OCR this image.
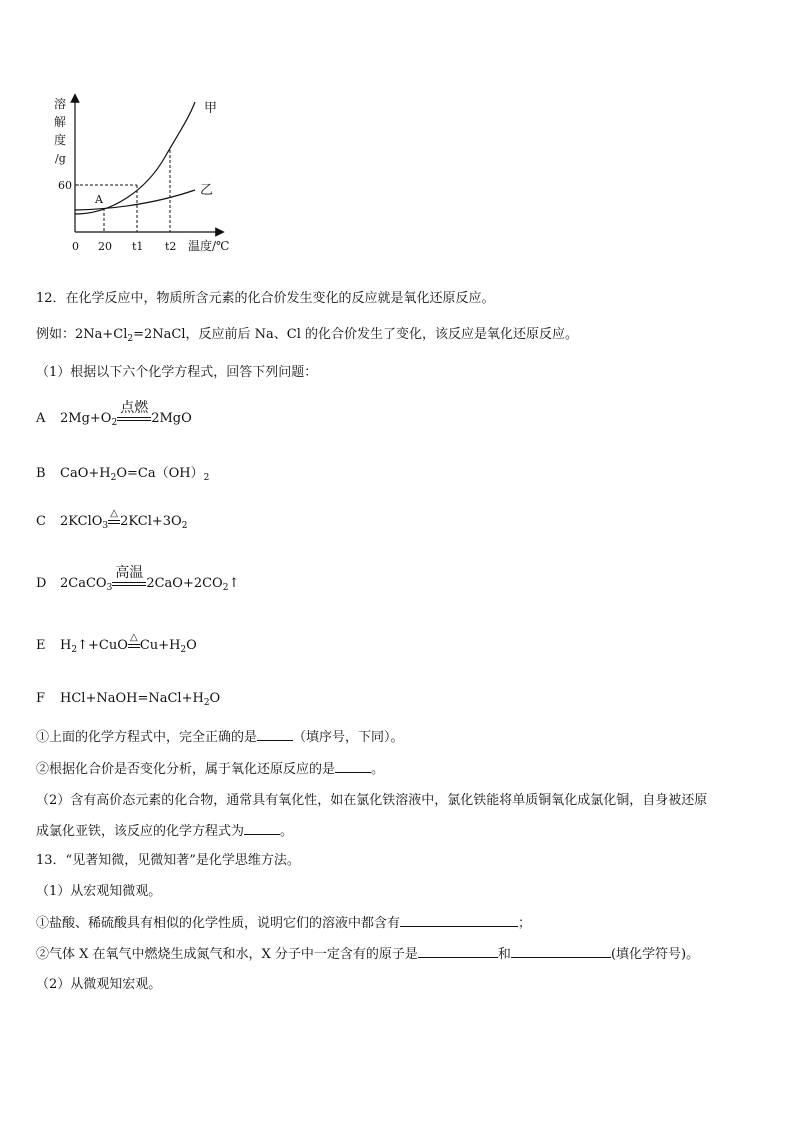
溶
解
度
/g
60
甲
乙
A
0 20 t1 t2 温度/℃
12．在化学反应中，物质所含元素的化合价发生变化的反应就是氧化还原反应。
例如：$2Na+Cl_2=2NaCl$，反应前后 Na、Cl 的化合价发生了变化，该反应是氧化还原反应。
（1）根据以下六个化学方程式，回答下列问题：
A $2Mg+O_2$
点燃
2MgO
B $CaO+H_2O=Ca(OH)_2$
C 2KClO$_3$
△
$2KCl+3O_2$
D 2CaCO$_3$
高温
$2CaO+2CO_2↑$
E $H_2↑+CuO$
△
$Cu+H_2O$
F $HCl+NaOH=NaCl+H_2O$
①上面的化学方程式中，完全正确的是	（填序号，下同）。
②根据化合价是否变化分析，属于氧化还原反应的是	。
（2）含有高价态元素的化合物，通常具有氧化性，如在氯化铁溶液中，氯化铁能将单质铜氧化成氯化铜，自身被还原
成氯化亚铁，该反应的化学方程式为	。
13．“见著知微，见微知著”是化学思维方法。
（1）从宏观知微观。
①盐酸、稀硫酸具有相似的化学性质，说明它们的溶液中都含有	；
②气体 X 在氧气中燃烧生成氮气和水，X 分子中一定含有的原子是	和	(填化学符号)。
（2）从微观知宏观。
